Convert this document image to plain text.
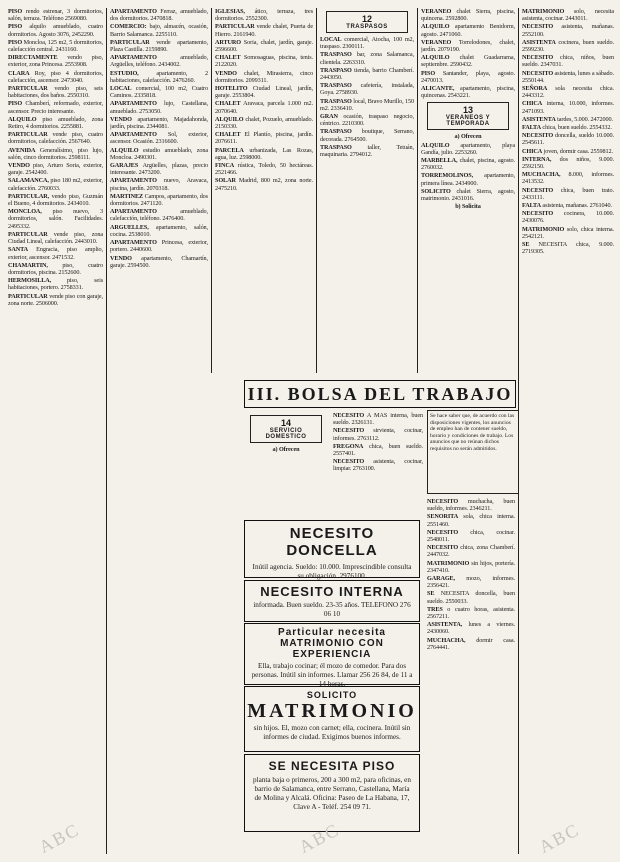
PISO rendo estrenar, 3 dormitorios, salón, terraza. Teléfono 2569080.

PISO alquilo amueblado, cuatro dormitorios. Agosto 3076, 2452290.

PISO Moncloa, 125 m2, 5 dormitorios, calefacción central. 2431160.

DIRECTAMENTE vendo piso, exterior, zona Princesa. 2553908.

CLARA Roy, piso 4 dormitorios, calefacción, ascensor. 2473040.

PARTICULAR vendo piso, seis habitaciones, dos baños. 2550310.

PISO Chamberí, reformado, exterior, ascensor. Precio interesante.

ALQUILO piso amueblado, zona Retiro, 4 dormitorios. 2255881.

PARTICULAR vende piso, cuatro dormitorios, calefacción. 2567640.

AVENIDA Generalísimo, piso lujo, salón, cinco dormitorios. 2598111.

VENDO piso, Arturo Soria, exterior, garaje. 2542400.

SALAMANCA, piso 180 m2, exterior, calefacción. 2760033.

PARTICULAR, vendo piso, Guzmán el Bueno, 4 dormitorios. 2434010.

MONCLOA, piso nuevo, 3 dormitorios, salón. Facilidades. 2495332.

PARTICULAR vende piso, zona Ciudad Lineal, calefacción. 2443010.

SANTA Engracia, piso amplio, exterior, ascensor. 2471532.

CHAMARTIN, piso, cuatro dormitorios, piscina. 2152600.

HERMOSILLA, piso, seis habitaciones, portero. 2758331.

PARTICULAR vende piso con garaje, zona norte. 2506000.

APARTAMENTO Ferraz, amueblado, dos dormitorios. 2470818.

COMERCIO: bajo, almacén, ocasión, Barrio Salamanca. 2255110.

PARTICULAR vende apartamento, Plaza Castilla. 2159890.

APARTAMENTO amueblado, Argüelles, teléfono. 2434002.

ESTUDIO, apartamento, 2 habitaciones, calefacción. 2476260.

LOCAL comercial, 100 m2, Cuatro Caminos. 2335818.

APARTAMENTO lujo, Castellana, amueblado. 2753050.

VENDO apartamento, Majadahonda, jardín, piscina. 2344081.

APARTAMENTO Sol, exterior, ascensor. Ocasión. 2316600.

ALQUILO estudio amueblado, zona Moncloa. 2490301.

GARAJES Argüelles, plazas, precio interesante. 2473200.

APARTAMENTO nuevo, Aravaca, piscina, jardín. 2070318.

MARTINEZ Campos, apartamento, dos dormitorios. 2471120.

APARTAMENTO amueblado, calefacción, teléfono. 2476400.

ARGUELLES, apartamento, salón, cocina. 2538010.

APARTAMENTO Princesa, exterior, portero. 2440600.

VENDO apartamento, Chamartín, garaje. 2594500.

IGLESIAS, ático, terraza, tres dormitorios. 2552300.

PARTICULAR vende chalet, Puerta de Hierro. 2161940.

ARTURO Soria, chalet, jardín, garaje. 2596600.

CHALET Somosaguas, piscina, tenis. 2122020.

VENDO chalet, Mirasierra, cinco dormitorios. 2099311.

HOTELITO Ciudad Lineal, jardín, garaje. 2553804.

CHALET Aravaca, parcela 1.000 m2. 2070640.

ALQUILO chalet, Pozuelo, amueblado. 2150330.

CHALET El Plantío, piscina, jardín. 2076611.

PARCELA urbanizada, Las Rozas, agua, luz. 2598000.

FINCA rústica, Toledo, 50 hectáreas. 2521466.

SOLAR Madrid, 800 m2, zona norte. 2475210.

12
TRASPASOS

LOCAL comercial, Atocha, 100 m2, traspaso. 2300111.

TRASPASO bar, zona Salamanca, clientela. 2263310.

TRASPASO tienda, barrio Chamberí. 2443050.

TRASPASO cafetería, instalada, Goya. 2758930.

TRASPASO local, Bravo Murillo, 150 m2. 2336410.

GRAN ocasión, traspaso negocio, céntrico. 2210300.

TRASPASO boutique, Serrano, decorada. 2764500.

TRASPASO taller, Tetuán, maquinaria. 2794012.

VERANEO chalet Sierra, piscina, quincena. 2592800.

ALQUILO apartamento Benidorm, agosto. 2471060.

VERANEO Torrelodones, chalet, jardín. 2079190.

ALQUILO chalet Guadarrama, septiembre. 2590432.

PISO Santander, playa, agosto. 2470013.

ALICANTE, apartamento, piscina, quincenas. 2543221.

13
VERANEOS Y TEMPORADA

a) Ofrecen

ALQUILO apartamento, playa Gandía, julio. 2253260.

MARBELLA, chalet, piscina, agosto. 2760032.

TORREMOLINOS, apartamento, primera línea. 2434900.

SOLICITO chalet Sierra, agosto, matrimonio. 2431016.

b) Solicita

MATRIMONIO solo, necesita asistenta, cocinar. 2443011.

NECESITO asistenta, mañanas. 2552100.

ASISTENTA cocinera, buen sueldo. 2599230.

NECESITO chica, niños, buen sueldo. 2347031.

NECESITO asistenta, lunes a sábado. 2550144.

SEÑORA sola necesita chica. 2443312.

CHICA interna, 10.000, informes. 2471093.

ASISTENTA tardes, 5.000. 2472000.

FALTA chica, buen sueldo. 2554332.

NECESITO doncella, sueldo 10.000. 2545611.

CHICA joven, dormir casa. 2559812.

INTERNA, dos niños, 9.000. 2592150.

MUCHACHA, 8.000, informes. 2413532.

NECESITO chica, buen trato. 2433111.

FALTA asistenta, mañanas. 2761040.

NECESITO cocinera, 10.000. 2430076.

MATRIMONIO solo, chica interna. 2542121.

SE NECESITA chica, 9.000. 2719305.

III. BOLSA DEL TRABAJO
14
SERVICIO DOMESTICO

a) Ofrecen

NECESITO A MAS interna, buen sueldo. 2326131.

NECESITO sirvienta, cocinar, informes. 2763112.

FREGONA chica, buen sueldo. 2557401.

NECESITO asistenta, cocinar, limpiar. 2763100.

Se hace saber que, de acuerdo con las disposiciones vigentes, los anuncios de empleo han de contener sueldo, horario y condiciones de trabajo. Los anuncios que no reúnan dichos requisitos no serán admitidos.

NECESITO muchacha, buen sueldo, informes. 2346211.

SENORITA sola, chica interna. 2551460.

NECESITO chica, cocinar. 2548011.

NECESITO chica, zona Chamberí. 2447032.

MATRIMONIO sin hijos, portería. 2347410.

GARAGE, mozo, informes. 2356421.

SE NECESITA doncella, buen sueldo. 2550033.

TRES o cuatro horas, asistenta. 2567211.

ASISTENTA, lunes a viernes. 2430060.

MUCHACHA, dormir casa. 2764441.

NECESITO DONCELLA
Inútil agencia. Sueldo: 10.000. Imprescindible consulta su obligación. 2976100.
NECESITO INTERNA
informada. Buen sueldo. 23-35 años. TELEFONO 276 06 10
Particular necesita
MATRIMONIO CON EXPERIENCIA
Ella, trabajo cocinar; él mozo de comedor. Para dos personas. Inútil sin informes. Llamar 256 26 84, de 11 a 14 horas.
SOLICITO
MATRIMONIO
sin hijos. El, mozo con carnet; ella, cocinera. Inútil sin informes de ciudad. Exigimos buenos informes.
SE NECESITA PISO
planta baja o primeros, 200 a 300 m2, para oficinas, en barrio de Salamanca, entre Serrano, Castellana, María de Molina y Alcalá. Oficina: Paseo de La Habana, 17, Clave A - Teléf. 254 09 71.
ABC	ABC	ABC
